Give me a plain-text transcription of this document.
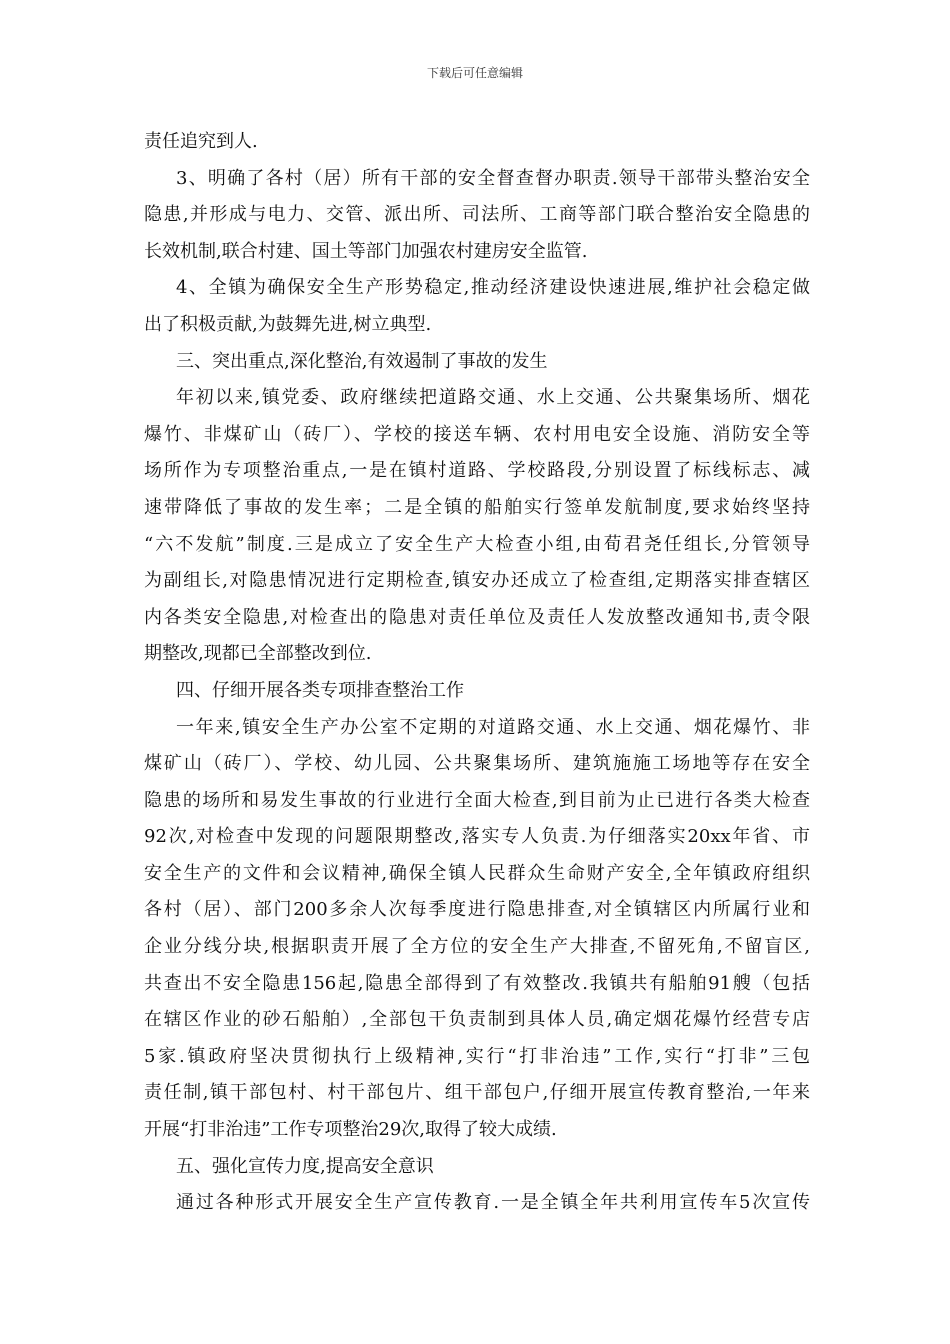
下载后可任意编辑
责任追究到人.
3、明确了各村（居）所有干部的安全督查督办职责.领导干部带头整治安全
隐患,并形成与电力、交管、派出所、司法所、工商等部门联合整治安全隐患的
长效机制,联合村建、国土等部门加强农村建房安全监管.
4、全镇为确保安全生产形势稳定,推动经济建设快速进展,维护社会稳定做
出了积极贡献,为鼓舞先进,树立典型.
三、突出重点,深化整治,有效遏制了事故的发生
年初以来,镇党委、政府继续把道路交通、水上交通、公共聚集场所、烟花
爆竹、非煤矿山（砖厂）、学校的接送车辆、农村用电安全设施、消防安全等
场所作为专项整治重点,一是在镇村道路、学校路段,分别设置了标线标志、减
速带降低了事故的发生率；二是全镇的船舶实行签单发航制度,要求始终坚持
“六不发航”制度.三是成立了安全生产大检查小组,由荀君尧任组长,分管领导
为副组长,对隐患情况进行定期检查,镇安办还成立了检查组,定期落实排查辖区
内各类安全隐患,对检查出的隐患对责任单位及责任人发放整改通知书,责令限
期整改,现都已全部整改到位.
四、仔细开展各类专项排查整治工作
一年来,镇安全生产办公室不定期的对道路交通、水上交通、烟花爆竹、非
煤矿山（砖厂）、学校、幼儿园、公共聚集场所、建筑施施工场地等存在安全
隐患的场所和易发生事故的行业进行全面大检查,到目前为止已进行各类大检查
92次,对检查中发现的问题限期整改,落实专人负责.为仔细落实20xx年省、市
安全生产的文件和会议精神,确保全镇人民群众生命财产安全,全年镇政府组织
各村（居）、部门200多余人次每季度进行隐患排查,对全镇辖区内所属行业和
企业分线分块,根据职责开展了全方位的安全生产大排查,不留死角,不留盲区,
共查出不安全隐患156起,隐患全部得到了有效整改.我镇共有船舶91艘（包括
在辖区作业的砂石船舶）,全部包干负责制到具体人员,确定烟花爆竹经营专店
5家.镇政府坚决贯彻执行上级精神,实行“打非治违”工作,实行“打非”三包
责任制,镇干部包村、村干部包片、组干部包户,仔细开展宣传教育整治,一年来
开展“打非治违”工作专项整治29次,取得了较大成绩.
五、强化宣传力度,提高安全意识
通过各种形式开展安全生产宣传教育.一是全镇全年共利用宣传车5次宣传
